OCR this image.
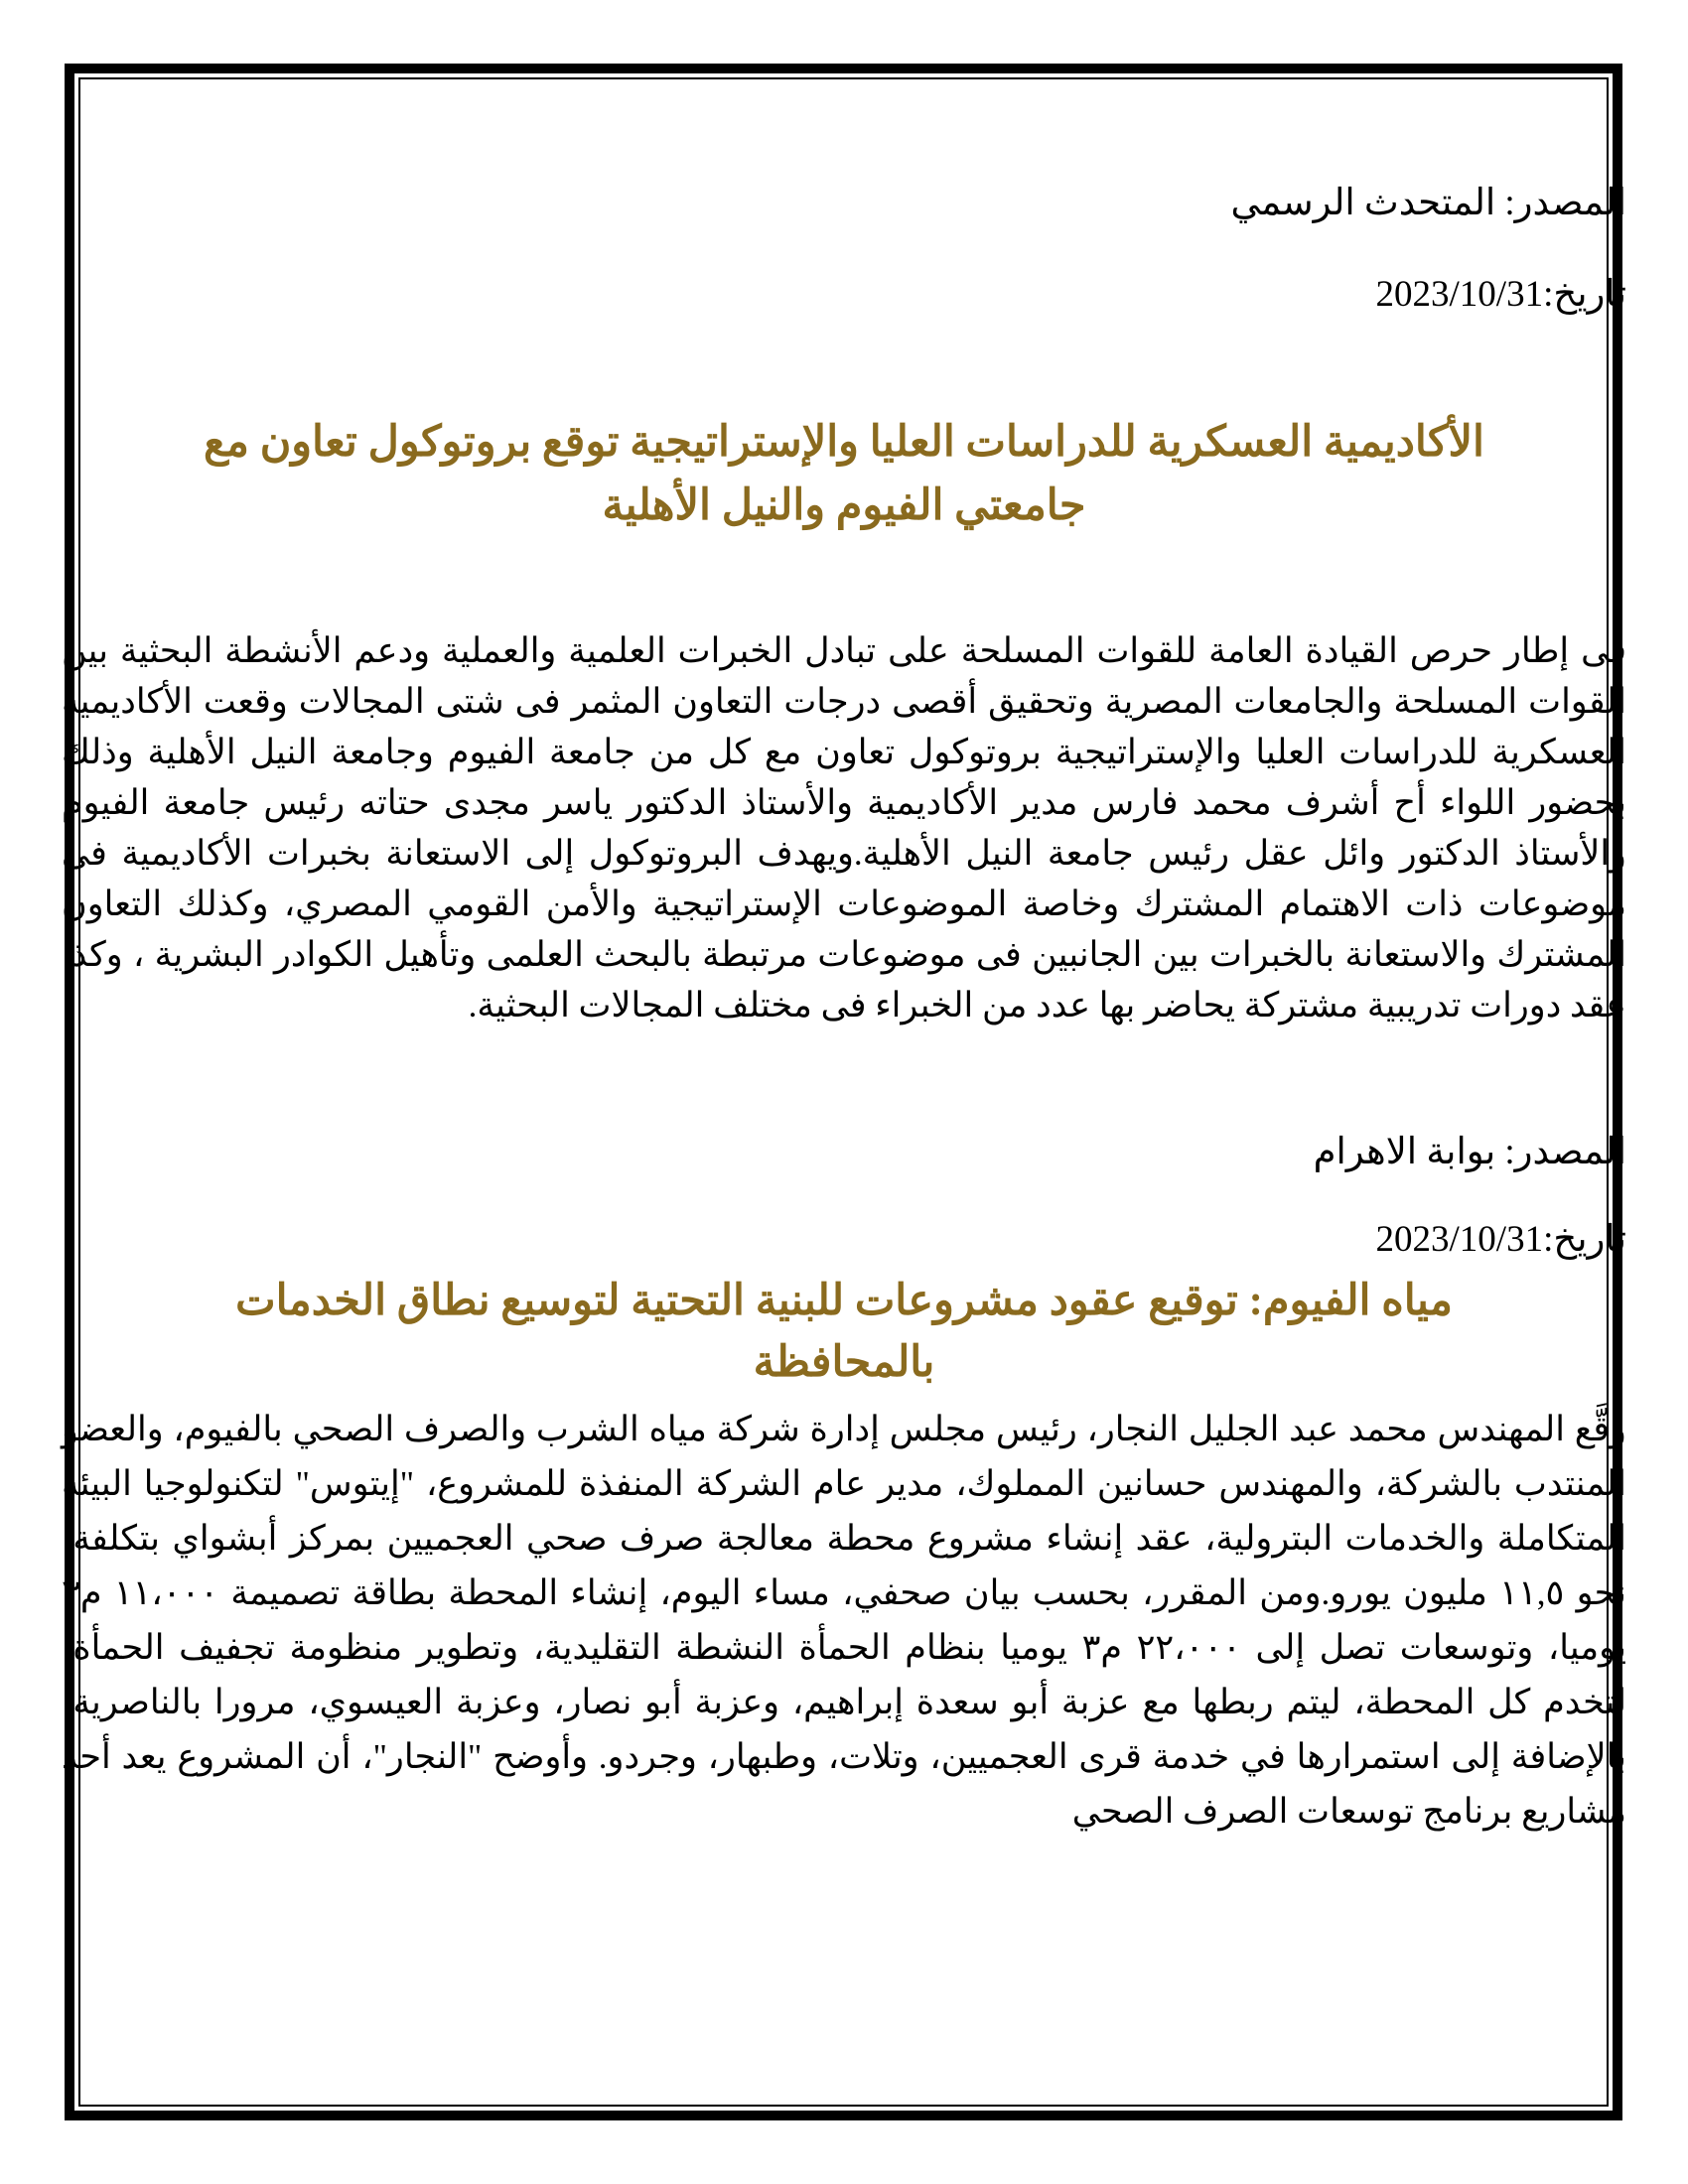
المصدر: المتحدث الرسمي

تاريخ:2023/10/31

الأكاديمية العسكرية للدراسات العليا والإستراتيجية توقع بروتوكول تعاون مع
جامعتي الفيوم والنيل الأهلية

فى إطار حرص القيادة العامة للقوات المسلحة على تبادل الخبرات العلمية والعملية ودعم الأنشطة البحثية بين القوات المسلحة والجامعات المصرية وتحقيق أقصى درجات التعاون المثمر فى شتى المجالات وقعت الأكاديمية العسكرية للدراسات العليا والإستراتيجية بروتوكول تعاون مع كل من جامعة الفيوم وجامعة النيل الأهلية وذلك بحضور اللواء أح أشرف محمد فارس مدير الأكاديمية والأستاذ الدكتور ياسر مجدى حتاته رئيس جامعة الفيوم والأستاذ الدكتور وائل عقل رئيس جامعة النيل الأهلية.ويهدف البروتوكول إلى الاستعانة بخبرات الأكاديمية فى موضوعات ذات الاهتمام المشترك وخاصة الموضوعات الإستراتيجية والأمن القومي المصري، وكذلك التعاون المشترك والاستعانة بالخبرات بين الجانبين فى موضوعات مرتبطة بالبحث العلمى وتأهيل الكوادر البشرية ، وكذا عقد دورات تدريبية مشتركة يحاضر بها عدد من الخبراء فى مختلف المجالات البحثية.

المصدر: بوابة الاهرام

تاريخ:2023/10/31

مياه الفيوم: توقيع عقود مشروعات للبنية التحتية لتوسيع نطاق الخدمات
بالمحافظة

وقَّع المهندس محمد عبد الجليل النجار، رئيس مجلس إدارة شركة مياه الشرب والصرف الصحي بالفيوم، والعضو المنتدب بالشركة، والمهندس حسانين المملوك، مدير عام الشركة المنفذة للمشروع، "إيتوس" لتكنولوجيا البيئة المتكاملة والخدمات البترولية، عقد إنشاء مشروع محطة معالجة صرف صحي العجميين بمركز أبشواي بتكلفة، نحو ١١,٥ مليون يورو.ومن المقرر، بحسب بيان صحفي، مساء اليوم، إنشاء المحطة بطاقة تصميمة ١١،٠٠٠ م٣ يوميا، وتوسعات تصل إلى ٢٢،٠٠٠ م٣ يوميا بنظام الحمأة النشطة التقليدية، وتطوير منظومة تجفيف الحمأة، لتخدم كل المحطة، ليتم ربطها مع عزبة أبو سعدة إبراهيم، وعزبة أبو نصار، وعزبة العيسوي، مرورا بالناصرية، بالإضافة إلى استمرارها في خدمة قرى العجميين، وتلات، وطبهار، وجردو. وأوضح "النجار"، أن المشروع يعد أحد مشاريع برنامج توسعات الصرف الصحي
